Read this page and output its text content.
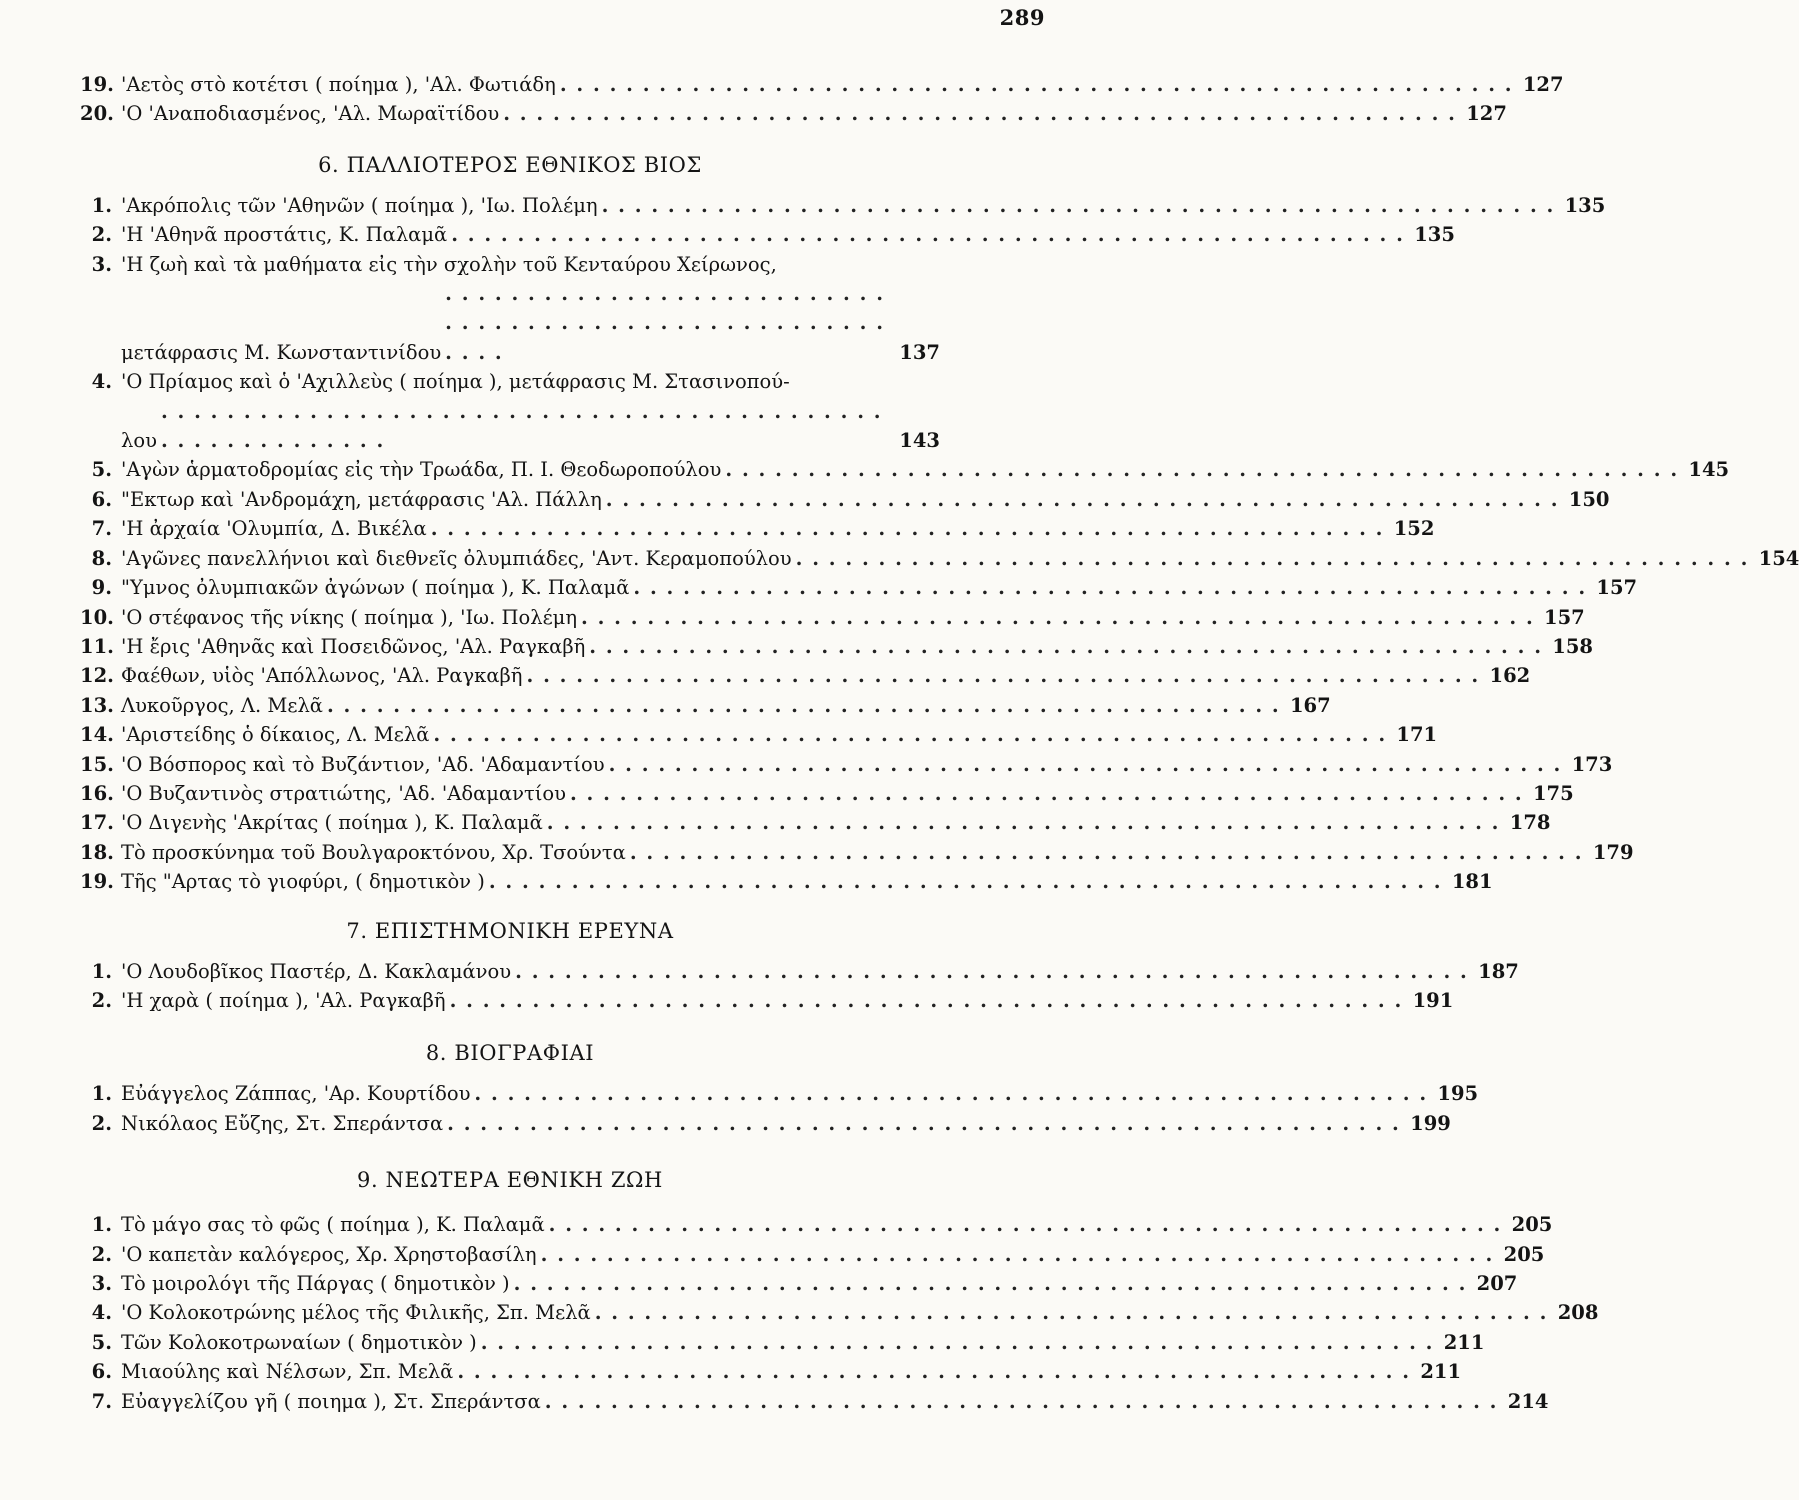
289
19. 'Αετὸς στὸ κοτέτσι ( ποίημα ), 'Αλ. Φωτιάδη . . .	127
20. 'Ο 'Αναποδιασμένος, 'Αλ. Μωραϊτίδου . . .	127
6. ΠΑΛΛΙΟΤΕΡΟΣ ΕΘΝΙΚΟΣ ΒΙΟΣ
1. 'Ακρόπολις τῶν 'Αθηνῶν ( ποίημα ), 'Ιω. Πολέμη . . .	135
2. 'Η 'Αθηνᾶ προστάτις, Κ. Παλαμᾶ . . .	135
3. 'Η ζωὴ καὶ τὰ μαθήματα εἰς τὴν σχολὴν τοῦ Κενταύρου Χείρωνος,
μετάφρασις Μ. Κωνσταντινίδου . . .	137
4. 'Ο Πρίαμος καὶ ὁ 'Αχιλλεὺς ( ποίημα ), μετάφρασις Μ. Στασινοπού-
λου . . .	143
5. 'Αγὼν ἁρματοδρομίας εἰς τὴν Τρωάδα, Π. Ι. Θεοδωροπούλου . . .	145
6. "Εκτωρ καὶ 'Ανδρομάχη, μετάφρασις 'Αλ. Πάλλη . . .	150
7. 'Η ἀρχαία 'Ολυμπία, Δ. Βικέλα . . .	152
8. 'Αγῶνες πανελλήνιοι καὶ διεθνεῖς ὀλυμπιάδες, 'Αντ. Κεραμοπούλου . . .	154
9. "Υμνος ὀλυμπιακῶν ἀγώνων ( ποίημα ), Κ. Παλαμᾶ . . .	157
10. 'Ο στέφανος τῆς νίκης ( ποίημα ), 'Ιω. Πολέμη . . .	157
11. 'Η ἔρις 'Αθηνᾶς καὶ Ποσειδῶνος, 'Αλ. Ραγκαβῆ . . .	158
12. Φαέθων, υἱὸς 'Απόλλωνος, 'Αλ. Ραγκαβῆ . . .	162
13. Λυκοῦργος, Λ. Μελᾶ . . .	167
14. 'Αριστείδης ὁ δίκαιος, Λ. Μελᾶ . . .	171
15. 'Ο Βόσπορος καὶ τὸ Βυζάντιον, 'Αδ. 'Αδαμαντίου . . .	173
16. 'Ο Βυζαντινὸς στρατιώτης, 'Αδ. 'Αδαμαντίου . . .	175
17. 'Ο Διγενὴς 'Ακρίτας ( ποίημα ), Κ. Παλαμᾶ . . .	178
18. Τὸ προσκύνημα τοῦ Βουλγαροκτόνου, Χρ. Τσούντα . . .	179
19. Τῆς "Αρτας τὸ γιοφύρι, ( δημοτικὸν ) . . .	181
7. ΕΠΙΣΤΗΜΟΝΙΚΗ ΕΡΕΥΝΑ
1. 'Ο Λουδοβῖκος Παστέρ, Δ. Κακλαμάνου . . .	187
2. 'Η χαρὰ ( ποίημα ), 'Αλ. Ραγκαβῆ . . .	191
8. ΒΙΟΓΡΑΦΙΑΙ
1. Εὐάγγελος Ζάππας, 'Αρ. Κουρτίδου . . .	195
2. Νικόλαος Εὔζης, Στ. Σπεράντσα . . .	199
9. ΝΕΩΤΕΡΑ ΕΘΝΙΚΗ ΖΩΗ
1. Τὸ μάγο σας τὸ φῶς ( ποίημα ), Κ. Παλαμᾶ . . .	205
2. 'Ο καπετὰν καλόγερος, Χρ. Χρηστοβασίλη . . .	205
3. Τὸ μοιρολόγι τῆς Πάργας ( δημοτικὸν ) . . .	207
4. 'Ο Κολοκοτρώνης μέλος τῆς Φιλικῆς, Σπ. Μελᾶ . . .	208
5. Τῶν Κολοκοτρωναίων ( δημοτικὸν ) . . .	211
6. Μιαούλης καὶ Νέλσων, Σπ. Μελᾶ . . .	211
7. Εὐαγγελίζου γῆ ( ποιημα ), Στ. Σπεράντσα . . .	214
